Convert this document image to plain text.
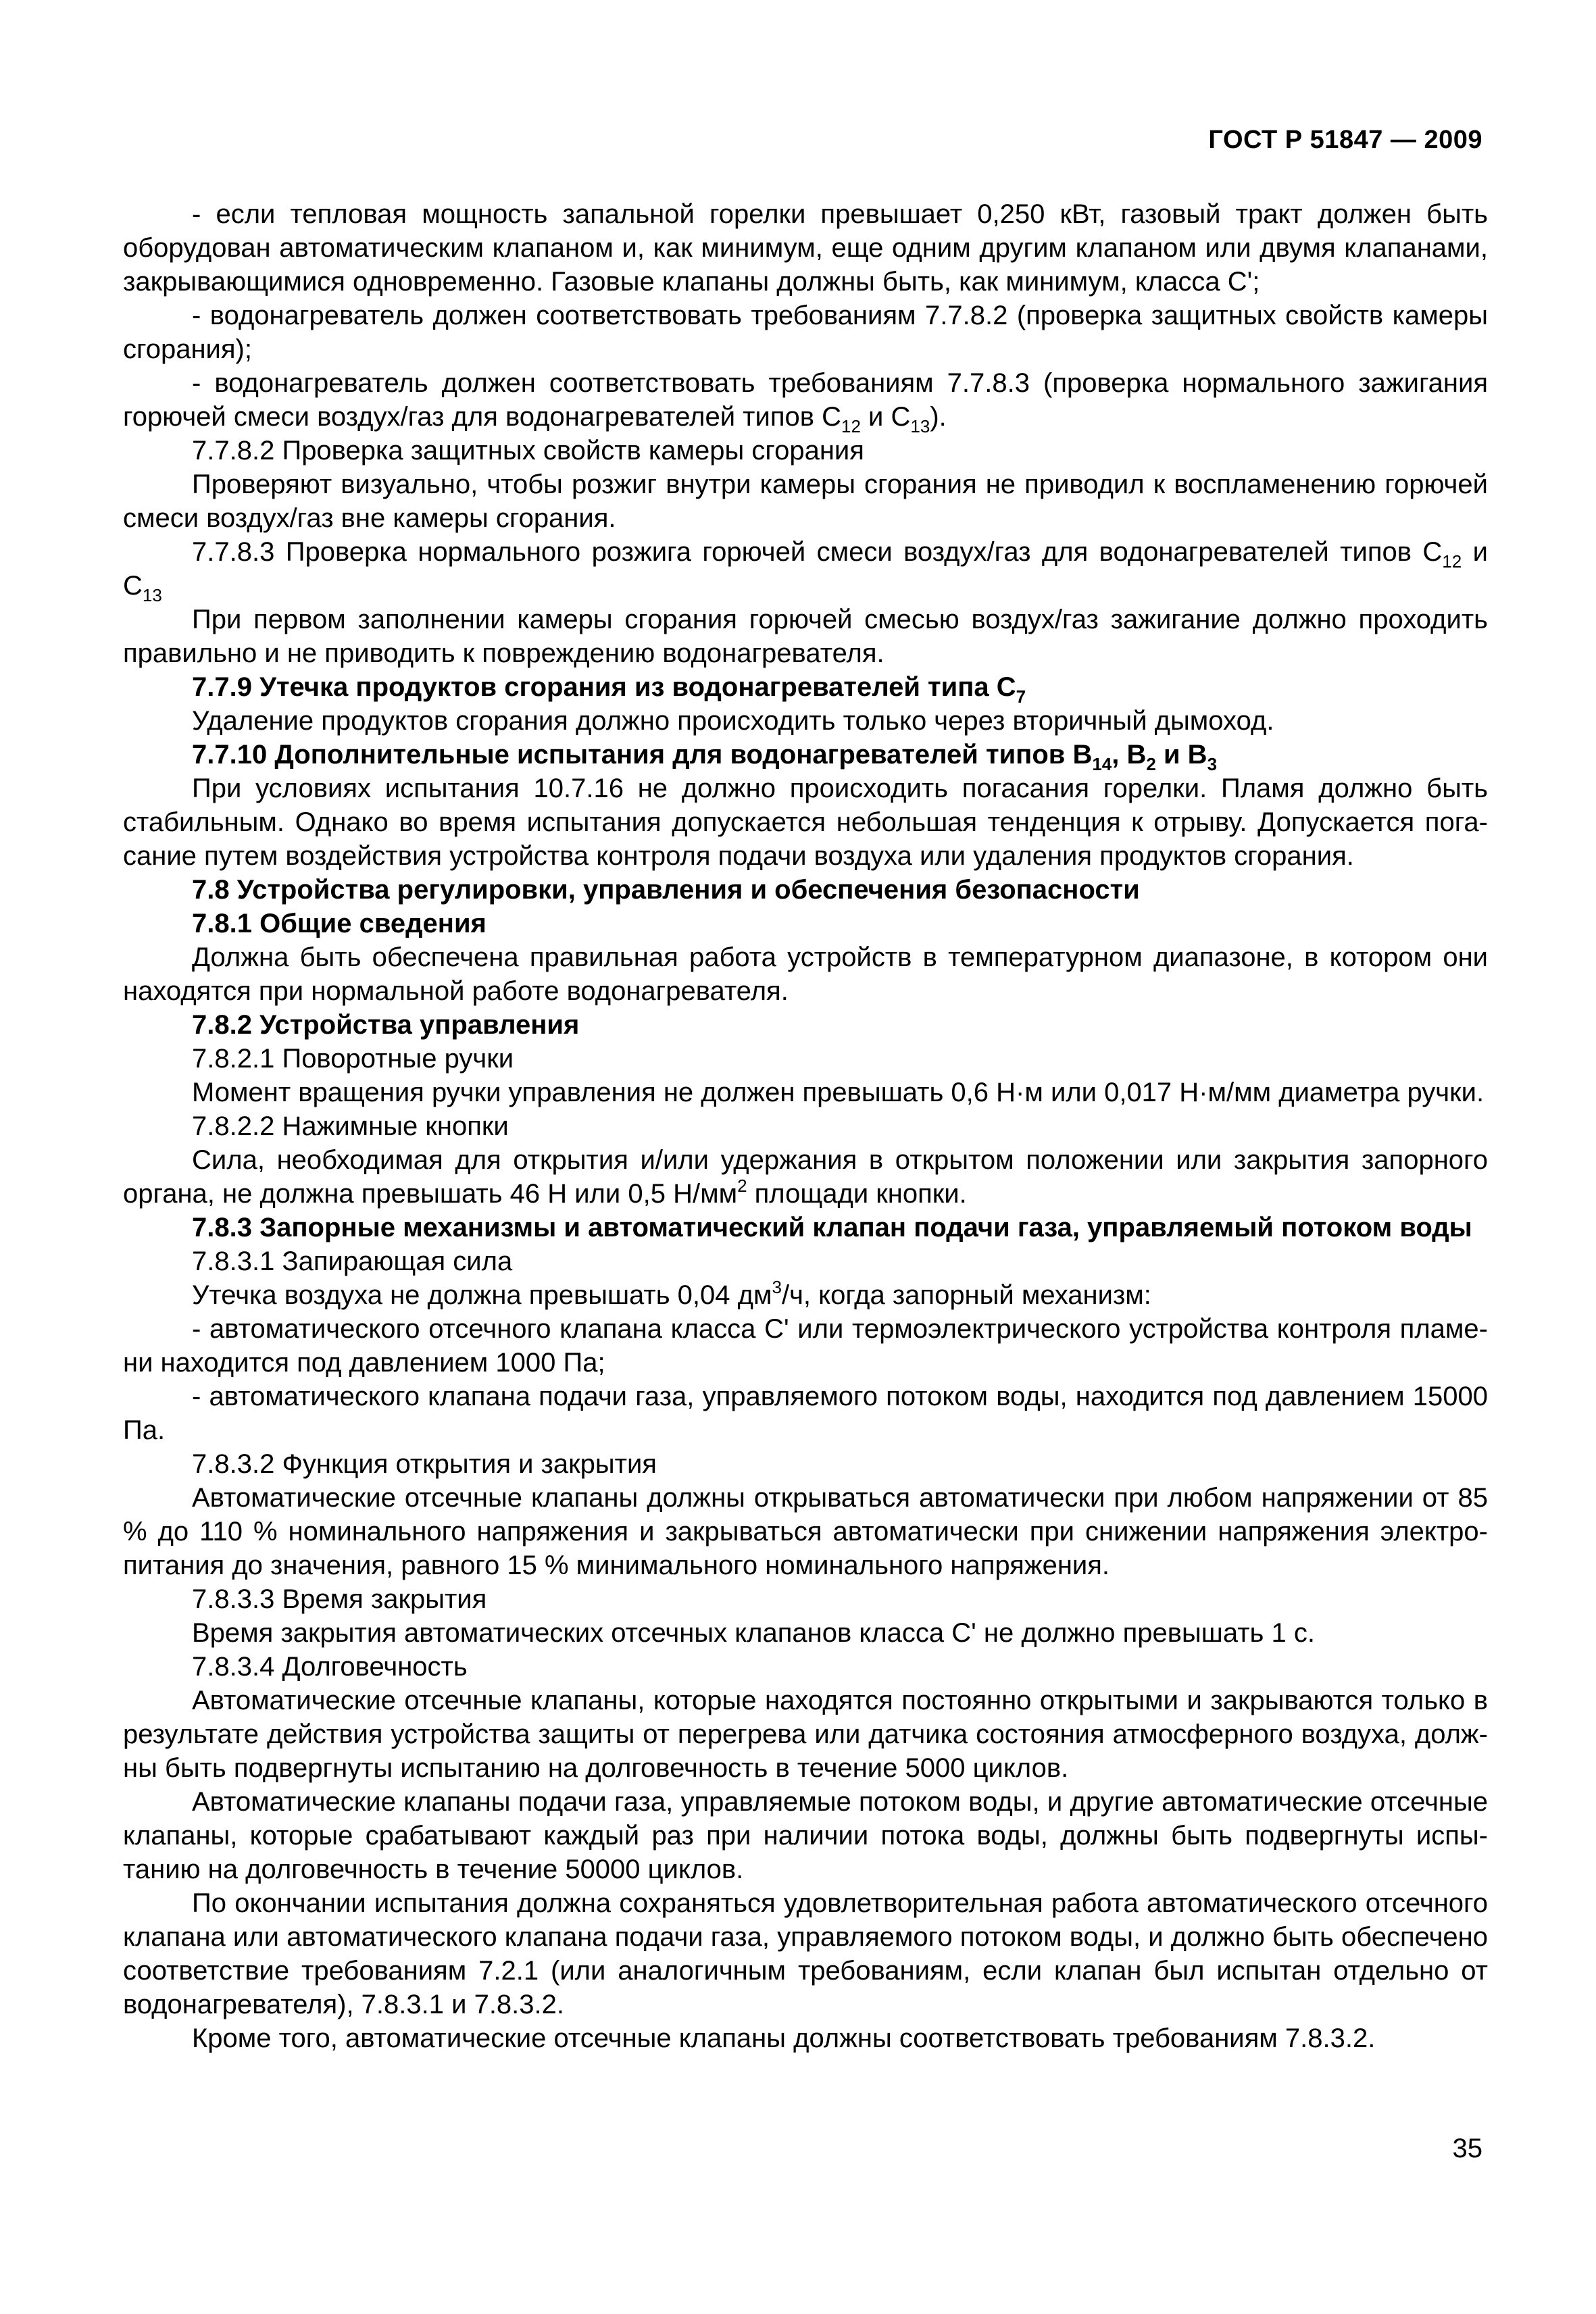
ГОСТ Р 51847 — 2009

- если тепловая мощность запальной горелки превышает 0,250 кВт, газовый тракт должен быть оборудован автоматическим клапаном и, как минимум, еще одним другим клапаном или двумя клапанами, закрывающимися одновременно. Газовые клапаны должны быть, как минимум, класса С';

- водонагреватель должен соответствовать требованиям 7.7.8.2 (проверка защитных свойств камеры сгорания);

- водонагреватель должен соответствовать требованиям 7.7.8.3 (проверка нормального зажигания горючей смеси воздух/газ для водонагревателей типов $С_{12}$ и $С_{13}$).

7.7.8.2 Проверка защитных свойств камеры сгорания

Проверяют визуально, чтобы розжиг внутри камеры сгорания не приводил к воспламенению горючей смеси воздух/газ вне камеры сгорания.

7.7.8.3 Проверка нормального розжига горючей смеси воздух/газ для водонагревателей типов $С_{12}$ и $С_{13}$

При первом заполнении камеры сгорания горючей смесью воздух/газ зажигание должно проходить правильно и не приводить к повреждению водонагревателя.

7.7.9 Утечка продуктов сгорания из водонагревателей типа $С_7$

Удаление продуктов сгорания должно происходить только через вторичный дымоход.

7.7.10 Дополнительные испытания для водонагревателей типов $В_{14}$, $В_2$ и $В_3$

При условиях испытания 10.7.16 не должно происходить погасания горелки. Пламя должно быть стабильным. Однако во время испытания допускается небольшая тенденция к отрыву. Допускается погасание путем воздействия устройства контроля подачи воздуха или удаления продуктов сгорания.

7.8 Устройства регулировки, управления и обеспечения безопасности

7.8.1 Общие сведения

Должна быть обеспечена правильная работа устройств в температурном диапазоне, в котором они находятся при нормальной работе водонагревателя.

7.8.2 Устройства управления

7.8.2.1 Поворотные ручки

Момент вращения ручки управления не должен превышать 0,6 Н·м или 0,017 Н·м/мм диаметра ручки.

7.8.2.2 Нажимные кнопки

Сила, необходимая для открытия и/или удержания в открытом положении или закрытия запорного органа, не должна превышать 46 Н или 0,5 $Н/мм^2$ площади кнопки.

7.8.3 Запорные механизмы и автоматический клапан подачи газа, управляемый потоком воды

7.8.3.1 Запирающая сила

Утечка воздуха не должна превышать 0,04 $дм^3/ч$, когда запорный механизм:

- автоматического отсечного клапана класса С' или термоэлектрического устройства контроля пламени находится под давлением 1000 Па;

- автоматического клапана подачи газа, управляемого потоком воды, находится под давлением 15000 Па.

7.8.3.2 Функция открытия и закрытия

Автоматические отсечные клапаны должны открываться автоматически при любом напряжении от 85 % до 110 % номинального напряжения и закрываться автоматически при снижении напряжения электропитания до значения, равного 15 % минимального номинального напряжения.

7.8.3.3 Время закрытия

Время закрытия автоматических отсечных клапанов класса С' не должно превышать 1 с.

7.8.3.4 Долговечность

Автоматические отсечные клапаны, которые находятся постоянно открытыми и закрываются только в результате действия устройства защиты от перегрева или датчика состояния атмосферного воздуха, должны быть подвергнуты испытанию на долговечность в течение 5000 циклов.

Автоматические клапаны подачи газа, управляемые потоком воды, и другие автоматические отсечные клапаны, которые срабатывают каждый раз при наличии потока воды, должны быть подвергнуты испытанию на долговечность в течение 50000 циклов.

По окончании испытания должна сохраняться удовлетворительная работа автоматического отсечного клапана или автоматического клапана подачи газа, управляемого потоком воды, и должно быть обеспечено соответствие требованиям 7.2.1 (или аналогичным требованиям, если клапан был испытан отдельно от водонагревателя), 7.8.3.1 и 7.8.3.2.

Кроме того, автоматические отсечные клапаны должны соответствовать требованиям 7.8.3.2.

35
